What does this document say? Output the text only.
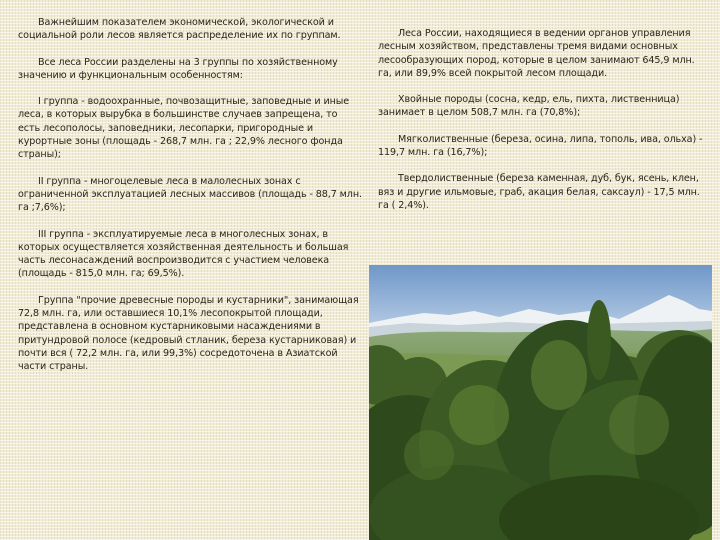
Важнейшим показателем экономической, экологической и социальной роли лесов является распределение их по группам.

Все леса России разделены на 3 группы по хозяйственному значению и функциональным особенностям:

I группа - водоохранные, почвозащитные, заповедные и иные леса, в которых вырубка в большинстве случаев запрещена, то есть лесополосы, заповедники, лесопарки, пригородные и курортные зоны (площадь - 268,7 млн. га ; 22,9% лесного фонда страны);

II группа - многоцелевые леса в малолесных зонах с ограниченной эксплуатацией лесных массивов (площадь - 88,7 млн. га ;7,6%);

III группа - эксплуатируемые леса в многолесных зонах, в которых осуществляется хозяйственная деятельность и большая часть лесонасаждений воспроизводится с участием человека (площадь - 815,0 млн. га; 69,5%).

Группа "прочие древесные породы и кустарники", занимающая 72,8 млн. га, или оставшиеся 10,1% лесопокрытой площади, представлена в основном кустарниковыми насаждениями в притундровой полосе (кедровый стланик, береза кустарниковая) и почти вся ( 72,2 млн. га, или 99,3%) сосредоточена в Азиатской части страны.

Леса России, находящиеся в ведении органов управления лесным хозяйством, представлены тремя видами основных лесообразующих пород, которые в целом занимают 645,9 млн. га, или 89,9% всей покрытой лесом площади.

Хвойные породы (сосна, кедр, ель, пихта, лиственница) занимает в целом 508,7 млн. га (70,8%);

Мягколиственные (береза, осина, липа, тополь, ива, ольха) - 119,7 млн. га (16,7%);

Твердолиственные (береза каменная, дуб, бук, ясень, клен, вяз и другие ильмовые, граб, акация белая, саксаул) - 17,5 млн. га ( 2,4%).
